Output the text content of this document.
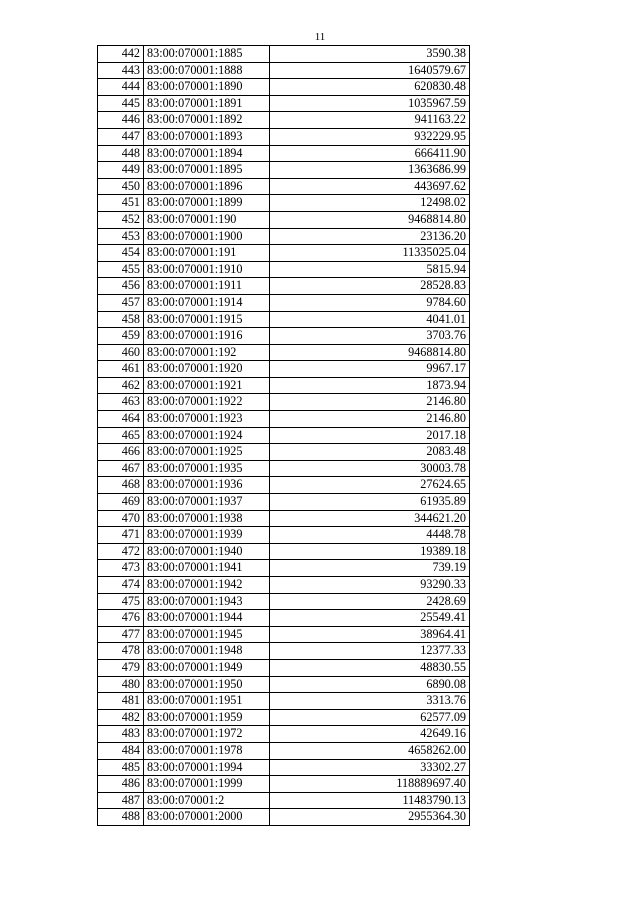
11
442	83:00:070001:1885	3590.38
443	83:00:070001:1888	1640579.67
444	83:00:070001:1890	620830.48
445	83:00:070001:1891	1035967.59
446	83:00:070001:1892	941163.22
447	83:00:070001:1893	932229.95
448	83:00:070001:1894	666411.90
449	83:00:070001:1895	1363686.99
450	83:00:070001:1896	443697.62
451	83:00:070001:1899	12498.02
452	83:00:070001:190	9468814.80
453	83:00:070001:1900	23136.20
454	83:00:070001:191	11335025.04
455	83:00:070001:1910	5815.94
456	83:00:070001:1911	28528.83
457	83:00:070001:1914	9784.60
458	83:00:070001:1915	4041.01
459	83:00:070001:1916	3703.76
460	83:00:070001:192	9468814.80
461	83:00:070001:1920	9967.17
462	83:00:070001:1921	1873.94
463	83:00:070001:1922	2146.80
464	83:00:070001:1923	2146.80
465	83:00:070001:1924	2017.18
466	83:00:070001:1925	2083.48
467	83:00:070001:1935	30003.78
468	83:00:070001:1936	27624.65
469	83:00:070001:1937	61935.89
470	83:00:070001:1938	344621.20
471	83:00:070001:1939	4448.78
472	83:00:070001:1940	19389.18
473	83:00:070001:1941	739.19
474	83:00:070001:1942	93290.33
475	83:00:070001:1943	2428.69
476	83:00:070001:1944	25549.41
477	83:00:070001:1945	38964.41
478	83:00:070001:1948	12377.33
479	83:00:070001:1949	48830.55
480	83:00:070001:1950	6890.08
481	83:00:070001:1951	3313.76
482	83:00:070001:1959	62577.09
483	83:00:070001:1972	42649.16
484	83:00:070001:1978	4658262.00
485	83:00:070001:1994	33302.27
486	83:00:070001:1999	118889697.40
487	83:00:070001:2	11483790.13
488	83:00:070001:2000	2955364.30
